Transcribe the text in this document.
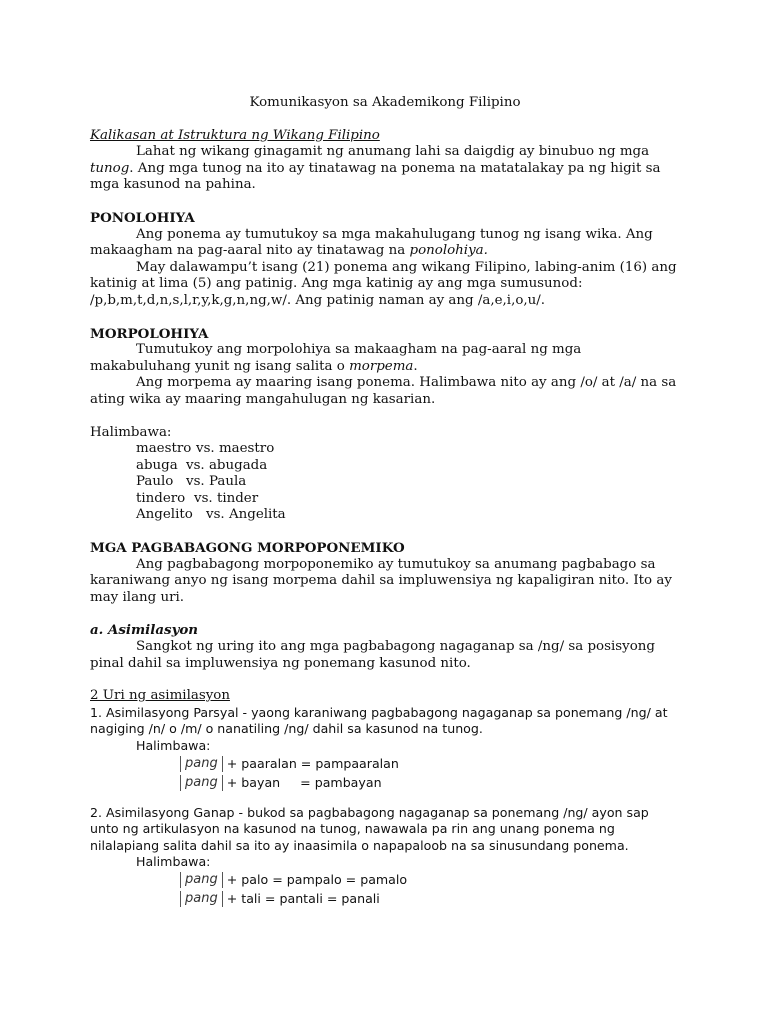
Komunikasyon sa Akademikong Filipino

Kalikasan at Istruktura ng Wikang Filipino

Lahat ng wikang ginagamit ng anumang lahi sa daigdig ay binubuo ng mga tunog. Ang mga tunog na ito ay tinatawag na ponema na matatalakay pa ng higit sa mga kasunod na pahina.

PONOLOHIYA

Ang ponema ay tumutukoy sa mga makahulugang tunog ng isang wika. Ang makaagham na pag-aaral nito ay tinatawag na ponolohiya.

May dalawampu’t isang (21) ponema ang wikang Filipino, labing-anim (16) ang katinig at lima (5) ang patinig. Ang mga katinig ay ang mga sumusunod: /p,b,m,t,d,n,s,l,r,y,k,g,n,ng,w/. Ang patinig naman ay ang /a,e,i,o,u/.

MORPOLOHIYA

Tumutukoy ang morpolohiya sa makaagham na pag-aaral ng mga makabuluhang yunit ng isang salita o morpema.

Ang morpema ay maaring isang ponema. Halimbawa nito ay ang /o/ at /a/ na sa ating wika ay maaring mangahulugan ng kasarian.

Halimbawa:

maestro vs. maestro
abuga vs. abugada
Paulo vs. Paula
tindero vs. tinder
Angelito vs. Angelita

MGA PAGBABAGONG MORPOPONEMIKO

Ang pagbabagong morpoponemiko ay tumutukoy sa anumang pagbabago sa karaniwang anyo ng isang morpema dahil sa impluwensiya ng kapaligiran nito. Ito ay may ilang uri.

a. Asimilasyon

Sangkot ng uring ito ang mga pagbabagong nagaganap sa /ng/ sa posisyong pinal dahil sa impluwensiya ng ponemang kasunod nito.

2 Uri ng asimilasyon

1. Asimilasyong Parsyal - yaong karaniwang pagbabagong nagaganap sa ponemang /ng/ at nagiging /n/ o /m/ o nanatiling /ng/ dahil sa kasunod na tunog.

Halimbawa:

pang + paaralan = pampaaralan
pang + bayan     = pambayan

2. Asimilasyong Ganap - bukod sa pagbabagong nagaganap sa ponemang /ng/ ayon sap unto ng artikulasyon na kasunod na tunog, nawawala pa rin ang unang ponema ng nilalapiang salita dahil sa ito ay inaasimila o napapaloob na sa sinusundang ponema.

Halimbawa:

pang + palo = pampalo = pamalo
pang + tali = pantali = panali
